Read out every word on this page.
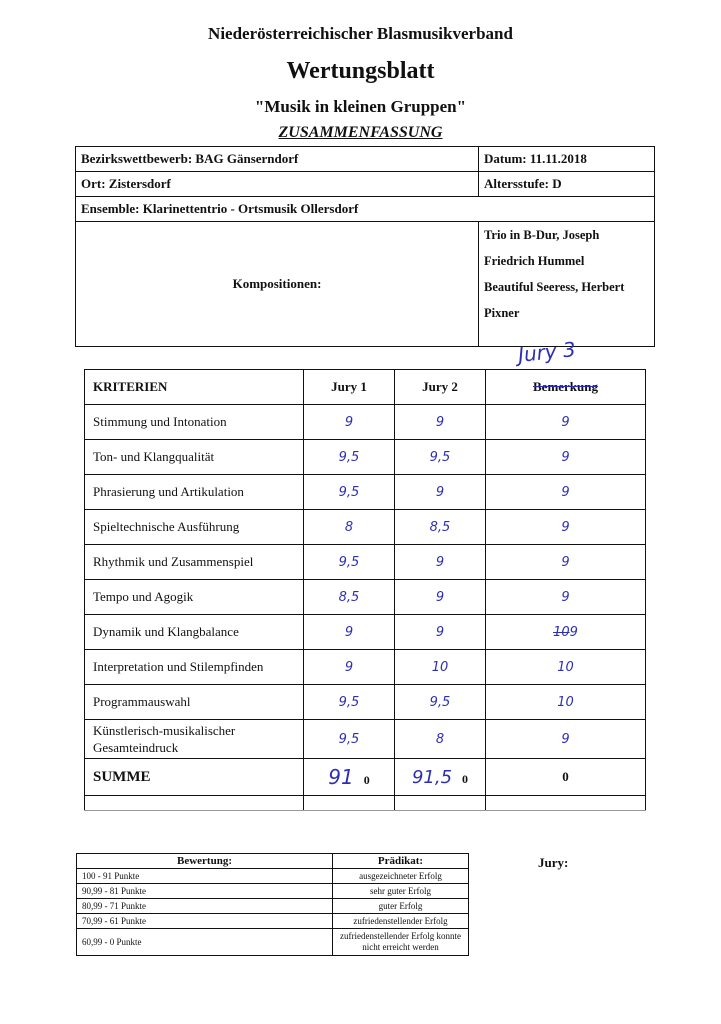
Niederösterreichischer Blasmusikverband
Wertungsblatt
"Musik in kleinen Gruppen"
ZUSAMMENFASSUNG
Bezirkswettbewerb: BAG Gänserndorf	Datum: 11.11.2018
Ort: Zistersdorf	Altersstufe: D
Ensemble: Klarinettentrio - Ortsmusik Ollersdorf	
Kompositionen:	Trio in B-Dur, Joseph Friedrich Hummel
Beautiful Seeress, Herbert Pixner
Jury 3
KRITERIEN	Jury 1	Jury 2	Bemerkung
Stimmung und Intonation	9	9	9
Ton- und Klangqualität	9,5	9,5	9
Phrasierung und Artikulation	9,5	9	9
Spieltechnische Ausführung	8	8,5	9
Rhythmik und Zusammenspiel	9,5	9	9
Tempo und Agogik	8,5	9	9
Dynamik und Klangbalance	9	9	109
Interpretation und Stilempfinden	9	10	10
Programmauswahl	9,5	9,5	10
Künstlerisch-musikalischer Gesamteindruck	9,5	8	9
SUMME	91 0	91,5 0	0

Bewertung:	Prädikat:
100 - 91 Punkte	ausgezeichneter Erfolg
90,99 - 81 Punkte	sehr guter Erfolg
80,99 - 71 Punkte	guter Erfolg
70,99 - 61 Punkte	zufriedenstellender Erfolg
60,99 - 0 Punkte	zufriedenstellender Erfolg konnte nicht erreicht werden
Jury:
